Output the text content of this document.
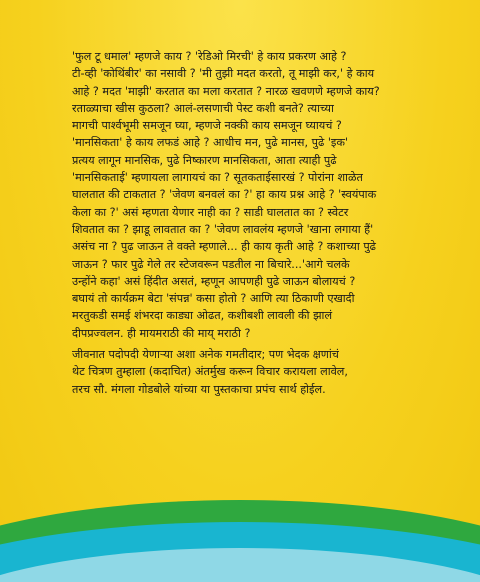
'फुल टू धमाल' म्हणजे काय ? 'रेडिओ मिरची' हे काय प्रकरण आहे ?
टी-व्ही 'कोथिंबीर' का नसावी ? 'मी तुझी मदत करतो, तू माझी कर,' हे काय
आहे ? मदत 'माझी' करतात का मला करतात ? नारळ खवणणे म्हणजे काय?
रताळ्याचा खीस कुठला? आलं-लसणाची पेस्ट कशी बनते? त्याच्या
मागची पार्श्वभूमी समजून घ्या, म्हणजे नक्की काय समजून घ्यायचं ?
'मानसिकता' हे काय लफडं आहे ? आधीच मन, पुढे मानस, पुढे 'इक'
प्रत्यय लागून मानसिक, पुढे निष्कारण मानसिकता, आता त्याही पुढे
'मानसिकताई' म्हणायला लागायचं का ? सूतकताईसारखं ? पोरांना शाळेत
घालतात की टाकतात ? 'जेवण बनवलं का ?' हा काय प्रश्न आहे ? 'स्वयंपाक
केला का ?' असं म्हणता येणार नाही का ? साडी घालतात का ? स्वेटर
शिवतात का ? झाडू लावतात का ? 'जेवण लावलंय म्हणजे 'खाना लगाया हैं'
असंच ना ? पुढ जाऊन ते वक्ते म्हणाले... ही काय कृती आहे ? कशाच्या पुढे
जाऊन ? फार पुढे गेले तर स्टेजवरून पडतील ना बिचारे...'आगे चलके
उन्होंने कहा' असं हिंदीत असतं, म्हणून आपणही पुढे जाऊन बोलायचं ?
बघायं तो कार्यक्रम बेटा 'संपन्न' कसा होतो ? आणि त्या ठिकाणी एखादी
मरतुकडी समई शंभरदा काड्या ओढत, कशीबशी लावली की झालं
दीपप्रज्वलन. ही मायमराठी की माय् मराठी ?
जीवनात पदोपदी येणाऱ्या अशा अनेक गमतीदार; पण भेदक क्षणांचं
थेट चित्रण तुम्हाला (कदाचित) अंतर्मुख करून विचार करायला लावेल,
तरच सौ. मंगला गोडबोले यांच्या या पुस्तकाचा प्रपंच सार्थ होईल.
